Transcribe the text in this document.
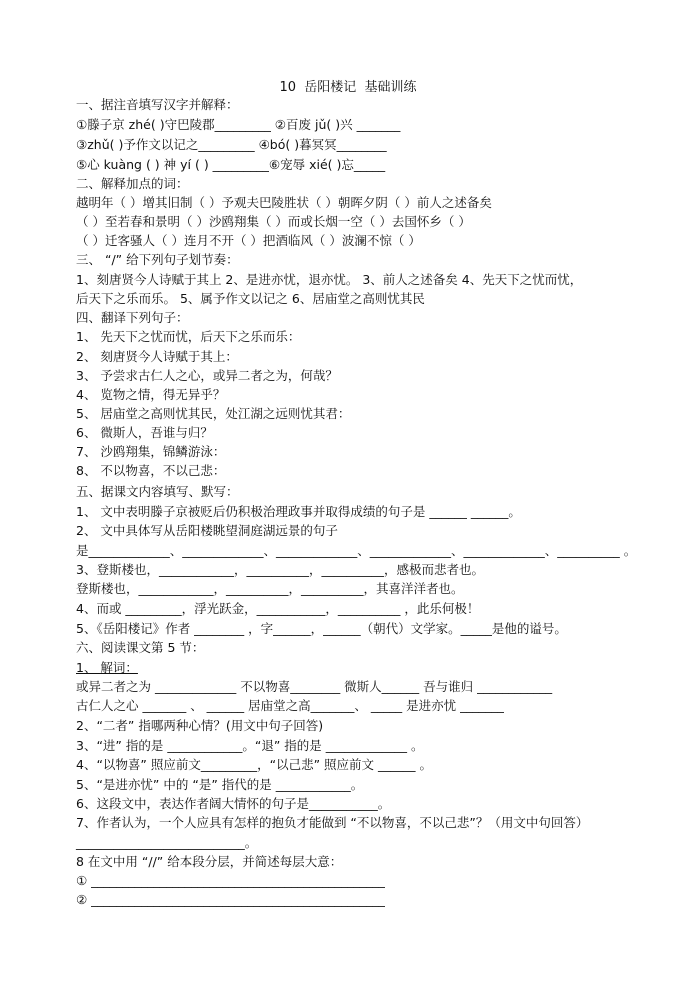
10  岳阳楼记  基础训练
一、据注音填写汉字并解释：
①滕子京 zhé( )守巴陵郡_________ ②百废 jǔ( )兴 _______
③zhǔ( )予作文以记之_________ ④bó( )暮冥冥________
⑤心 kuàng ( ) 神 yí ( ) _________⑥宠辱 xié( )忘_____
二、解释加点的词：
越明年（ ）增其旧制（ ）予观夫巴陵胜状（ ）朝晖夕阴（ ）前人之述备矣
（ ）至若春和景明（ ）沙鸥翔集（ ）而或长烟一空（ ）去国怀乡（ ）
（ ）迁客骚人（ ）连月不开（ ）把酒临风（ ）波澜不惊（ ）
三、 “/” 给下列句子划节奏：
1、刻唐贤今人诗赋于其上 2、是进亦忧，退亦忧。 3、前人之述备矣 4、先天下之忧而忧，
后天下之乐而乐。 5、属予作文以记之 6、居庙堂之高则忧其民
四、翻译下列句子：
1、 先天下之忧而忧，后天下之乐而乐：
2、 刻唐贤今人诗赋于其上：
3、 予尝求古仁人之心，或异二者之为，何哉？
4、 览物之情，得无异乎？
5、 居庙堂之高则忧其民，处江湖之远则忧其君：
6、 微斯人，吾谁与归？
7、 沙鸥翔集，锦鳞游泳：
8、 不以物喜，不以己悲：
五、据课文内容填写、默写：
1、 文中表明滕子京被贬后仍积极治理政事并取得成绩的句子是 ______ ______。
2、 文中具体写从岳阳楼眺望洞庭湖远景的句子
是_____________、_____________、_____________、_____________、_____________、__________ 。
3、登斯楼也，____________，__________，__________，感极而悲者也。
登斯楼也，____________，__________，__________，其喜洋洋者也。
4、而或 _________，浮光跃金，___________，__________ ，此乐何极！
5、《岳阳楼记》作者 ________ ，字______，______（朝代）文学家。_____是他的谥号。
六、阅读课文第 5 节：
1、 解词：
或异二者之为 _____________ 不以物喜________ 微斯人______ 吾与谁归 ____________
古仁人之心 _______ 、 ______ 居庙堂之高_______、 _____ 是进亦忧 _______
2、“二者” 指哪两种心情？(用文中句子回答)
3、“进” 指的是 ____________。“退” 指的是 _____________ 。
4、“以物喜” 照应前文_________，“以己悲” 照应前文 ______ 。
5、“是进亦忧” 中的 “是” 指代的是 ____________。
6、这段文中，表达作者阔大情怀的句子是___________。
7、作者认为，一个人应具有怎样的抱负才能做到 “不以物喜，不以己悲”？（用文中句回答）
___________________________。
8 在文中用 “//” 给本段分层，并简述每层大意：
① _______________________________________________
② _______________________________________________
